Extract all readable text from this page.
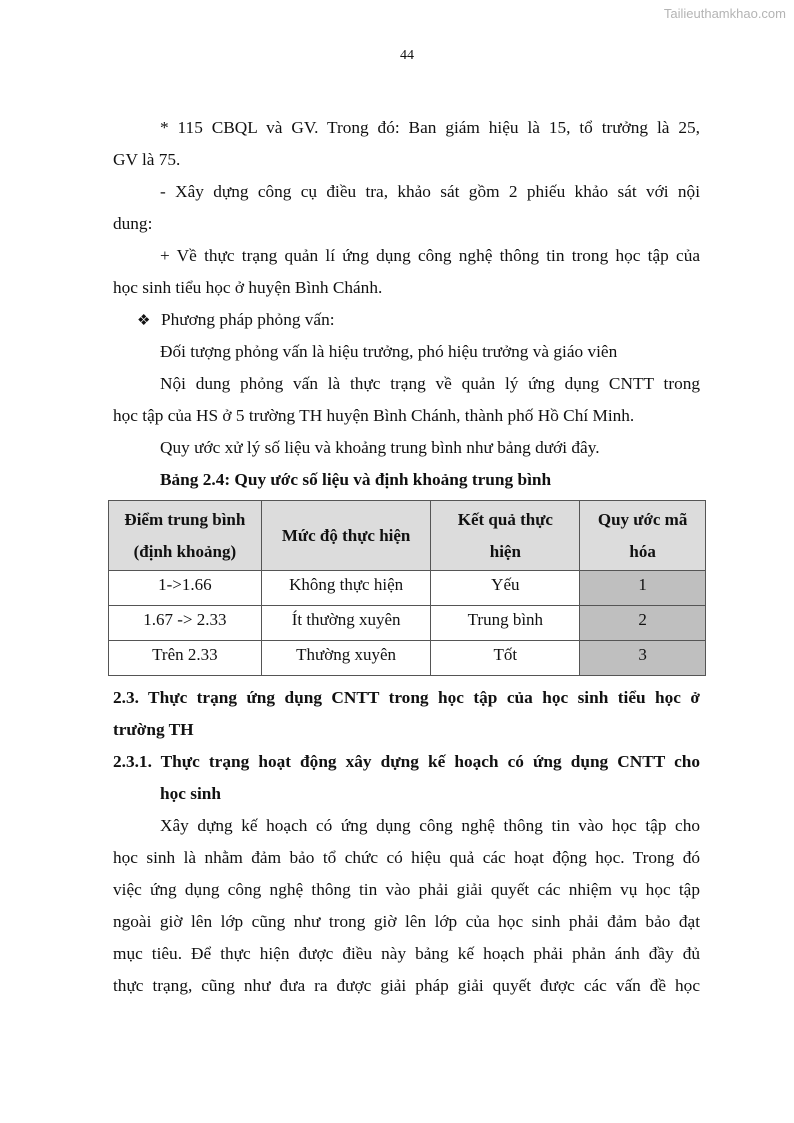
Tailieuthamkhao.com
44
* 115 CBQL và GV. Trong đó: Ban giám hiệu là 15, tổ trưởng là 25,
GV là 75.
- Xây dựng công cụ điều tra, khảo sát gồm 2 phiếu khảo sát với nội
dung:
+ Về thực trạng quản lí ứng dụng công nghệ thông tin trong học tập của
học sinh tiểu học ở huyện Bình Chánh.
❖ Phương pháp phỏng vấn:
Đối tượng phỏng vấn là hiệu trưởng, phó hiệu trưởng và giáo viên
Nội dung phỏng vấn là thực trạng về quản lý ứng dụng CNTT trong
học tập của HS ở 5 trường TH huyện Bình Chánh, thành phố Hồ Chí Minh.
Quy ước xử lý số liệu và khoảng trung bình như bảng dưới đây.
Bảng 2.4: Quy ước số liệu và định khoảng trung bình
Điểm trung bình
(định khoảng)	Mức độ thực hiện	Kết quả thực
hiện	Quy ước mã
hóa
1->1.66	Không thực hiện	Yếu	1
1.67 -> 2.33	Ít thường xuyên	Trung bình	2
Trên 2.33	Thường xuyên	Tốt	3
2.3. Thực trạng ứng dụng CNTT trong học tập của học sinh tiểu học ở
trường TH
2.3.1. Thực trạng hoạt động xây dựng kế hoạch có ứng dụng CNTT cho
học sinh
Xây dựng kế hoạch có ứng dụng công nghệ thông tin vào học tập cho
học sinh là nhằm đảm bảo tổ chức có hiệu quả các hoạt động học. Trong đó
việc ứng dụng công nghệ thông tin vào phải giải quyết các nhiệm vụ học tập
ngoài giờ lên lớp cũng như trong giờ lên lớp của học sinh phải đảm bảo đạt
mục tiêu. Để thực hiện được điều này bảng kế hoạch phải phản ánh đầy đủ
thực trạng, cũng như đưa ra được giải pháp giải quyết được các vấn đề học
